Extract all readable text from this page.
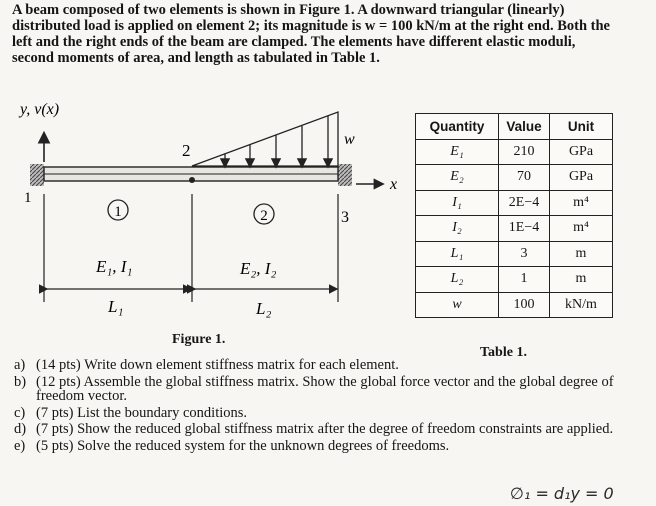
A beam composed of two elements is shown in Figure 1. A downward triangular (linearly)
distributed load is applied on element 2; its magnitude is w = 100 kN/m at the right end. Both the
left and the right ends of the beam are clamped. The elements have different elastic moduli,
second moments of area, and length as tabulated in Table 1.
y, v(x)
2
1
3
w
x
1	2
E₁, I₁	E₂, I₂
L₁	L₂
Figure 1.
Quantity	Value	Unit
E₁	210	GPa
E₂	70	GPa
I₁	2E−4	m⁴
I₂	1E−4	m⁴
L₁	3	m
L₂	1	m
w	100	kN/m
Table 1.
a) (14 pts) Write down element stiffness matrix for each element.
b) (12 pts) Assemble the global stiffness matrix. Show the global force vector and the global degree of freedom vector.
c) (7 pts) List the boundary conditions.
d) (7 pts) Show the reduced global stiffness matrix after the degree of freedom constraints are applied.
e) (5 pts) Solve the reduced system for the unknown degrees of freedoms.
∅₁ = d₁y = 0
